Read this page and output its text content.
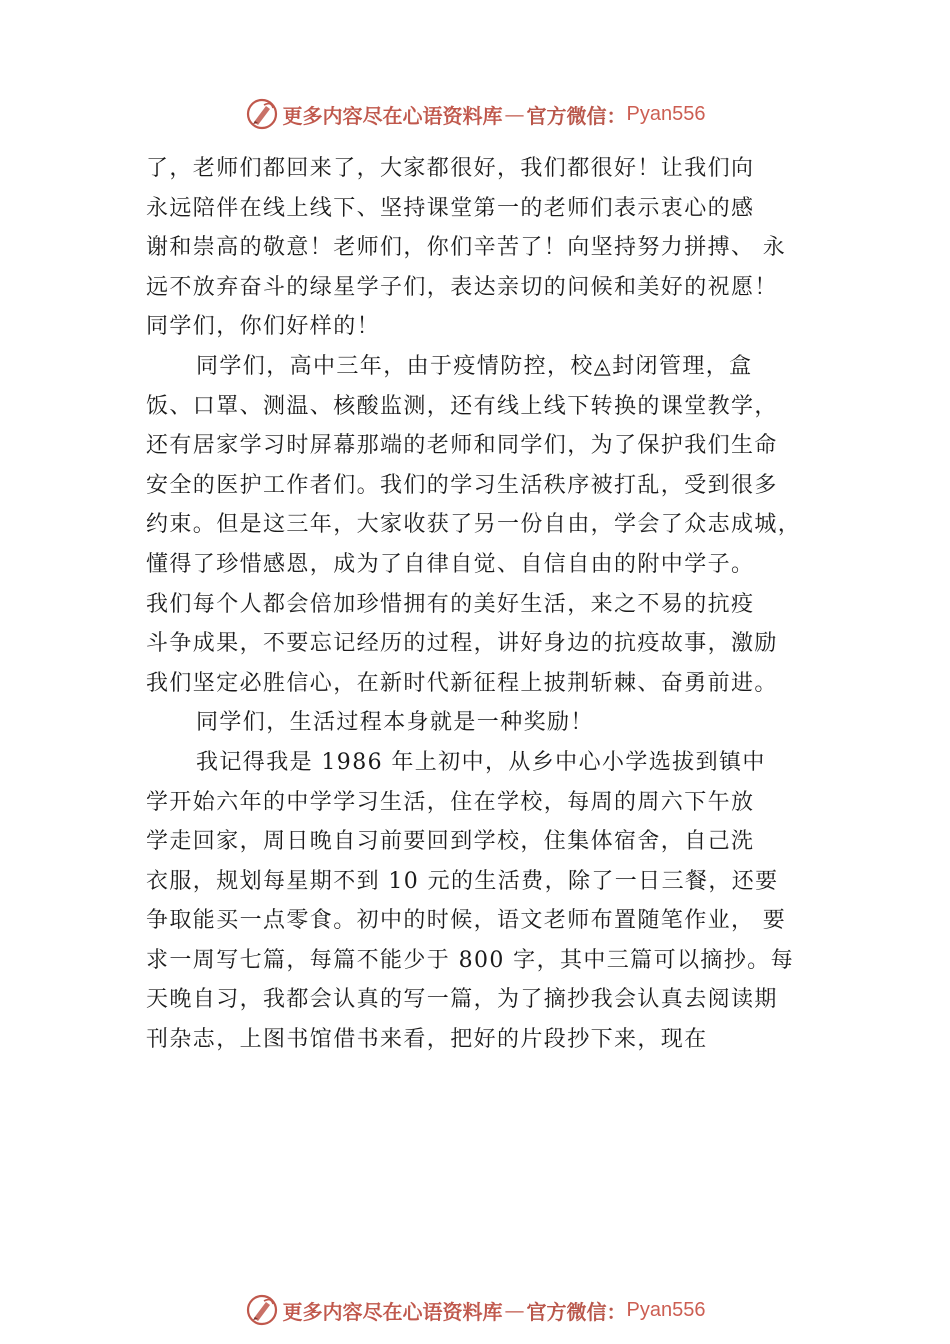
更多内容尽在心语资料库 — 官方微信： Pyan556
了，老师们都回来了，大家都很好，我们都很好！让我们向
永远陪伴在线上线下、坚持课堂第一的老师们表示衷心的感
谢和崇高的敬意！老师们，你们辛苦了！向坚持努力拼搏、 永
远不放弃奋斗的绿星学子们，表达亲切的问候和美好的祝愿！
同学们，你们好样的！
同学们，高中三年，由于疫情防控，校◬封闭管理，盒
饭、口罩、测温、核酸监测，还有线上线下转换的课堂教学，
还有居家学习时屏幕那端的老师和同学们，为了保护我们生命
安全的医护工作者们。我们的学习生活秩序被打乱，受到很多
约束。但是这三年，大家收获了另一份自由，学会了众志成城，
懂得了珍惜感恩，成为了自律自觉、自信自由的附中学子。
我们每个人都会倍加珍惜拥有的美好生活，来之不易的抗疫
斗争成果，不要忘记经历的过程，讲好身边的抗疫故事，激励
我们坚定必胜信心，在新时代新征程上披荆斩棘、奋勇前进。
同学们，生活过程本身就是一种奖励！
我记得我是 1986 年上初中，从乡中心小学选拔到镇中
学开始六年的中学学习生活，住在学校，每周的周六下午放
学走回家，周日晚自习前要回到学校，住集体宿舍，自己洗
衣服，规划每星期不到 10 元的生活费，除了一日三餐，还要
争取能买一点零食。初中的时候，语文老师布置随笔作业， 要
求一周写七篇，每篇不能少于 800 字，其中三篇可以摘抄。每
天晚自习，我都会认真的写一篇，为了摘抄我会认真去阅读期
刊杂志，上图书馆借书来看，把好的片段抄下来，现在
更多内容尽在心语资料库 — 官方微信： Pyan556
